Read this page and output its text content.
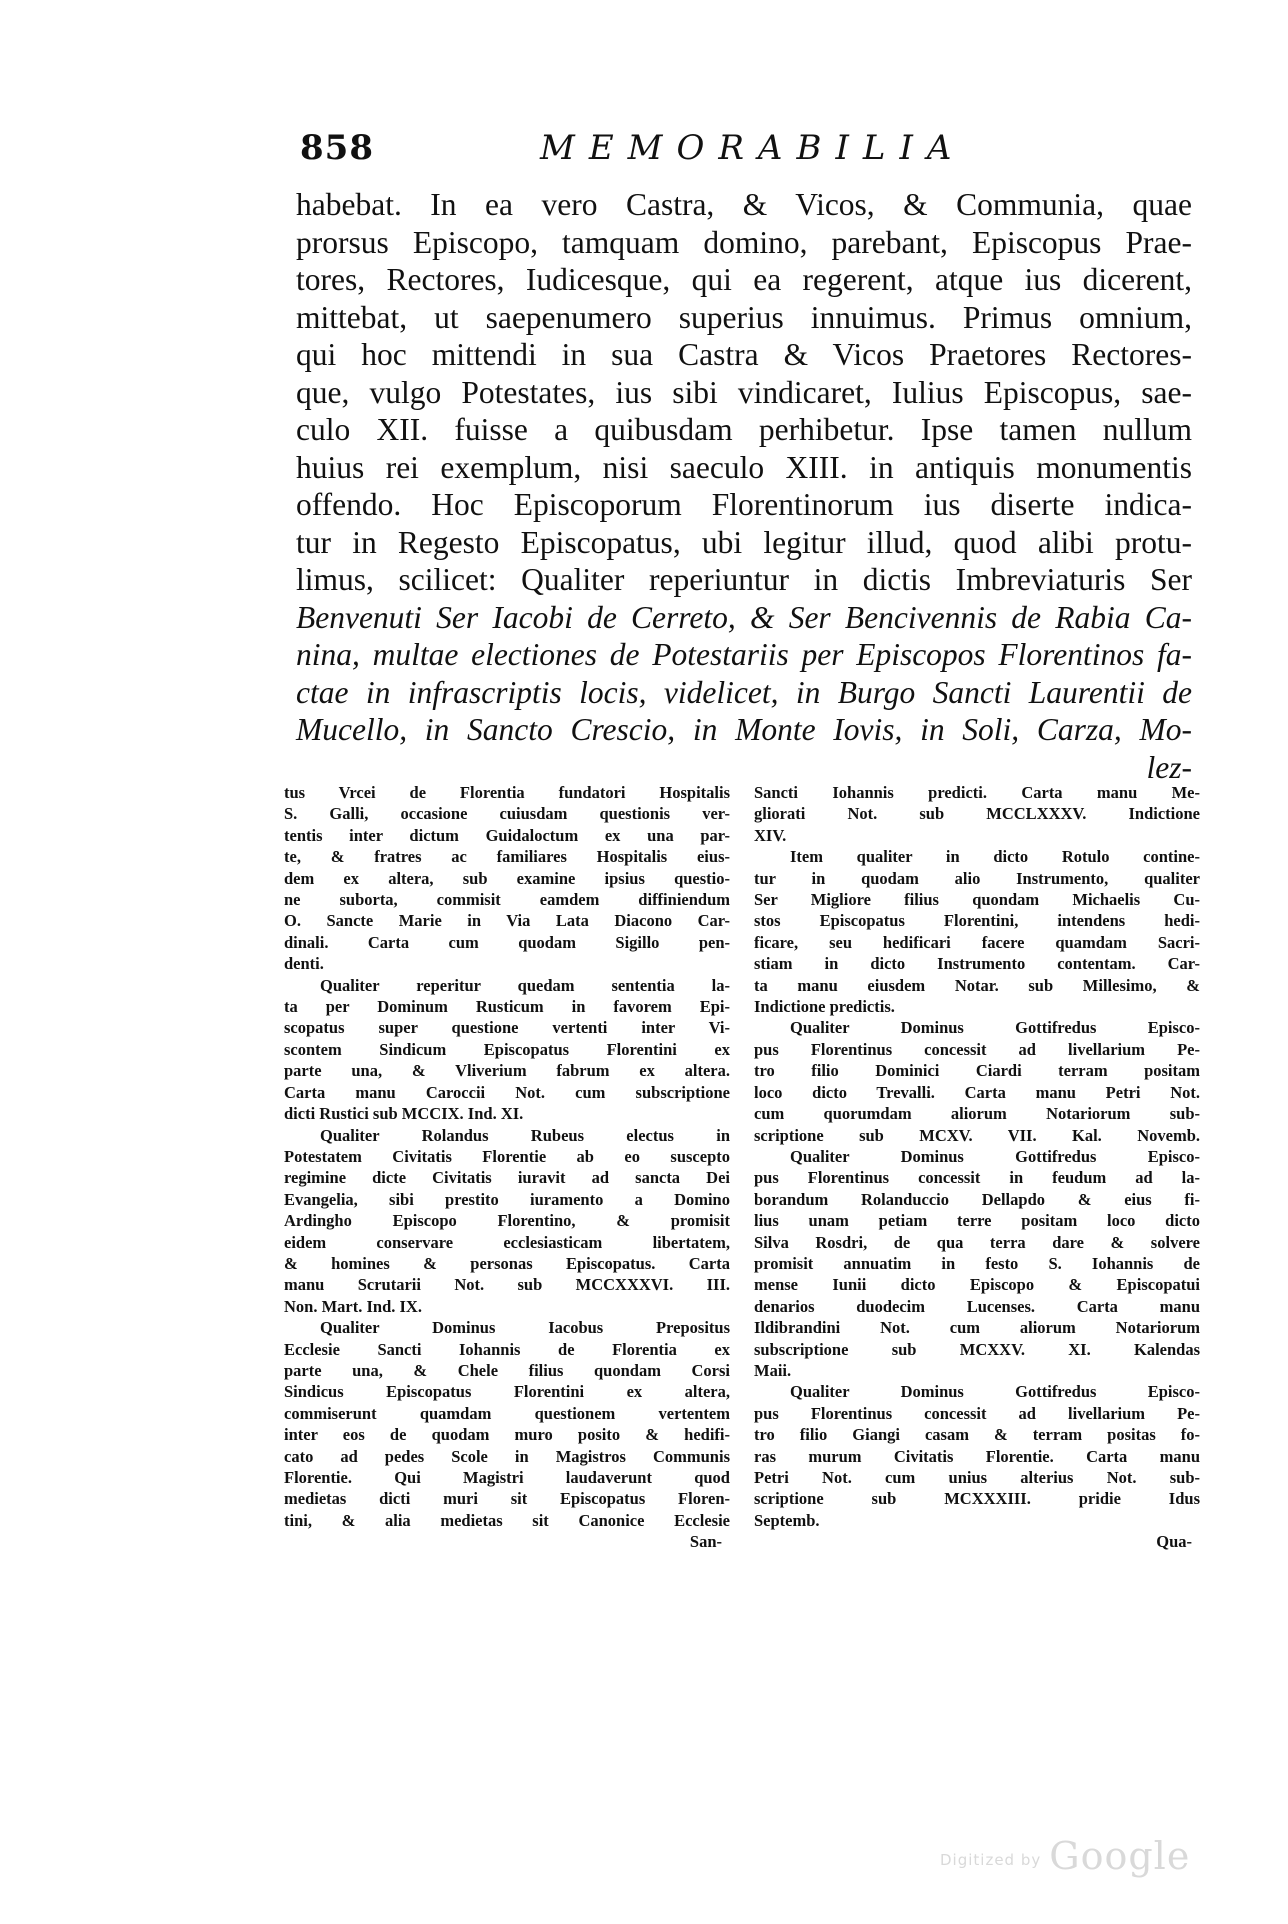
858	MEMORABILIA
habebat. In ea vero Castra, & Vicos, & Communia, quae
prorsus Episcopo, tamquam domino, parebant, Episcopus Prae-
tores, Rectores, Iudicesque, qui ea regerent, atque ius dicerent,
mittebat, ut saepenumero superius innuimus. Primus omnium,
qui hoc mittendi in sua Castra & Vicos Praetores Rectores-
que, vulgo Potestates, ius sibi vindicaret, Iulius Episcopus, sae-
culo XII. fuisse a quibusdam perhibetur. Ipse tamen nullum
huius rei exemplum, nisi saeculo XIII. in antiquis monumentis
offendo. Hoc Episcoporum Florentinorum ius diserte indica-
tur in Regesto Episcopatus, ubi legitur illud, quod alibi protu-
limus, scilicet: Qualiter reperiuntur in dictis Imbreviaturis Ser
Benvenuti Ser Iacobi de Cerreto, & Ser Bencivennis de Rabia Ca-
nina, multae electiones de Potestariis per Episcopos Florentinos fa-
ctae in infrascriptis locis, videlicet, in Burgo Sancti Laurentii de
Mucello, in Sancto Crescio, in Monte Iovis, in Soli, Carza, Mo-
lez-
tus Vrcei de Florentia fundatori Hospitalis
S. Galli, occasione cuiusdam questionis ver-
tentis inter dictum Guidaloctum ex una par-
te, & fratres ac familiares Hospitalis eius-
dem ex altera, sub examine ipsius questio-
ne suborta, commisit eamdem diffiniendum
O. Sancte Marie in Via Lata Diacono Car-
dinali. Carta cum quodam Sigillo pen-
denti.
Qualiter reperitur quedam sententia la-
ta per Dominum Rusticum in favorem Epi-
scopatus super questione vertenti inter Vi-
scontem Sindicum Episcopatus Florentini ex
parte una, & Vliverium fabrum ex altera.
Carta manu Caroccii Not. cum subscriptione
dicti Rustici sub MCCIX. Ind. XI.
Qualiter Rolandus Rubeus electus in
Potestatem Civitatis Florentie ab eo suscepto
regimine dicte Civitatis iuravit ad sancta Dei
Evangelia, sibi prestito iuramento a Domino
Ardingho Episcopo Florentino, & promisit
eidem conservare ecclesiasticam libertatem,
& homines & personas Episcopatus. Carta
manu Scrutarii Not. sub MCCXXXVI. III.
Non. Mart. Ind. IX.
Qualiter Dominus Iacobus Prepositus
Ecclesie Sancti Iohannis de Florentia ex
parte una, & Chele filius quondam Corsi
Sindicus Episcopatus Florentini ex altera,
commiserunt quamdam questionem vertentem
inter eos de quodam muro posito & hedifi-
cato ad pedes Scole in Magistros Communis
Florentie. Qui Magistri laudaverunt quod
medietas dicti muri sit Episcopatus Floren-
tini, & alia medietas sit Canonice Ecclesie
San-
Sancti Iohannis predicti. Carta manu Me-
gliorati Not. sub MCCLXXXV. Indictione
XIV.
Item qualiter in dicto Rotulo contine-
tur in quodam alio Instrumento, qualiter
Ser Migliore filius quondam Michaelis Cu-
stos Episcopatus Florentini, intendens hedi-
ficare, seu hedificari facere quamdam Sacri-
stiam in dicto Instrumento contentam. Car-
ta manu eiusdem Notar. sub Millesimo, &
Indictione predictis.
Qualiter Dominus Gottifredus Episco-
pus Florentinus concessit ad livellarium Pe-
tro filio Dominici Ciardi terram positam
loco dicto Trevalli. Carta manu Petri Not.
cum quorumdam aliorum Notariorum sub-
scriptione sub MCXV. VII. Kal. Novemb.
Qualiter Dominus Gottifredus Episco-
pus Florentinus concessit in feudum ad la-
borandum Rolanduccio Dellapdo & eius fi-
lius unam petiam terre positam loco dicto
Silva Rosdri, de qua terra dare & solvere
promisit annuatim in festo S. Iohannis de
mense Iunii dicto Episcopo & Episcopatui
denarios duodecim Lucenses. Carta manu
Ildibrandini Not. cum aliorum Notariorum
subscriptione sub MCXXV. XI. Kalendas
Maii.
Qualiter Dominus Gottifredus Episco-
pus Florentinus concessit ad livellarium Pe-
tro filio Giangi casam & terram positas fo-
ras murum Civitatis Florentie. Carta manu
Petri Not. cum unius alterius Not. sub-
scriptione sub MCXXXIII. pridie Idus
Septemb.
Qua-
Digitized by Google
